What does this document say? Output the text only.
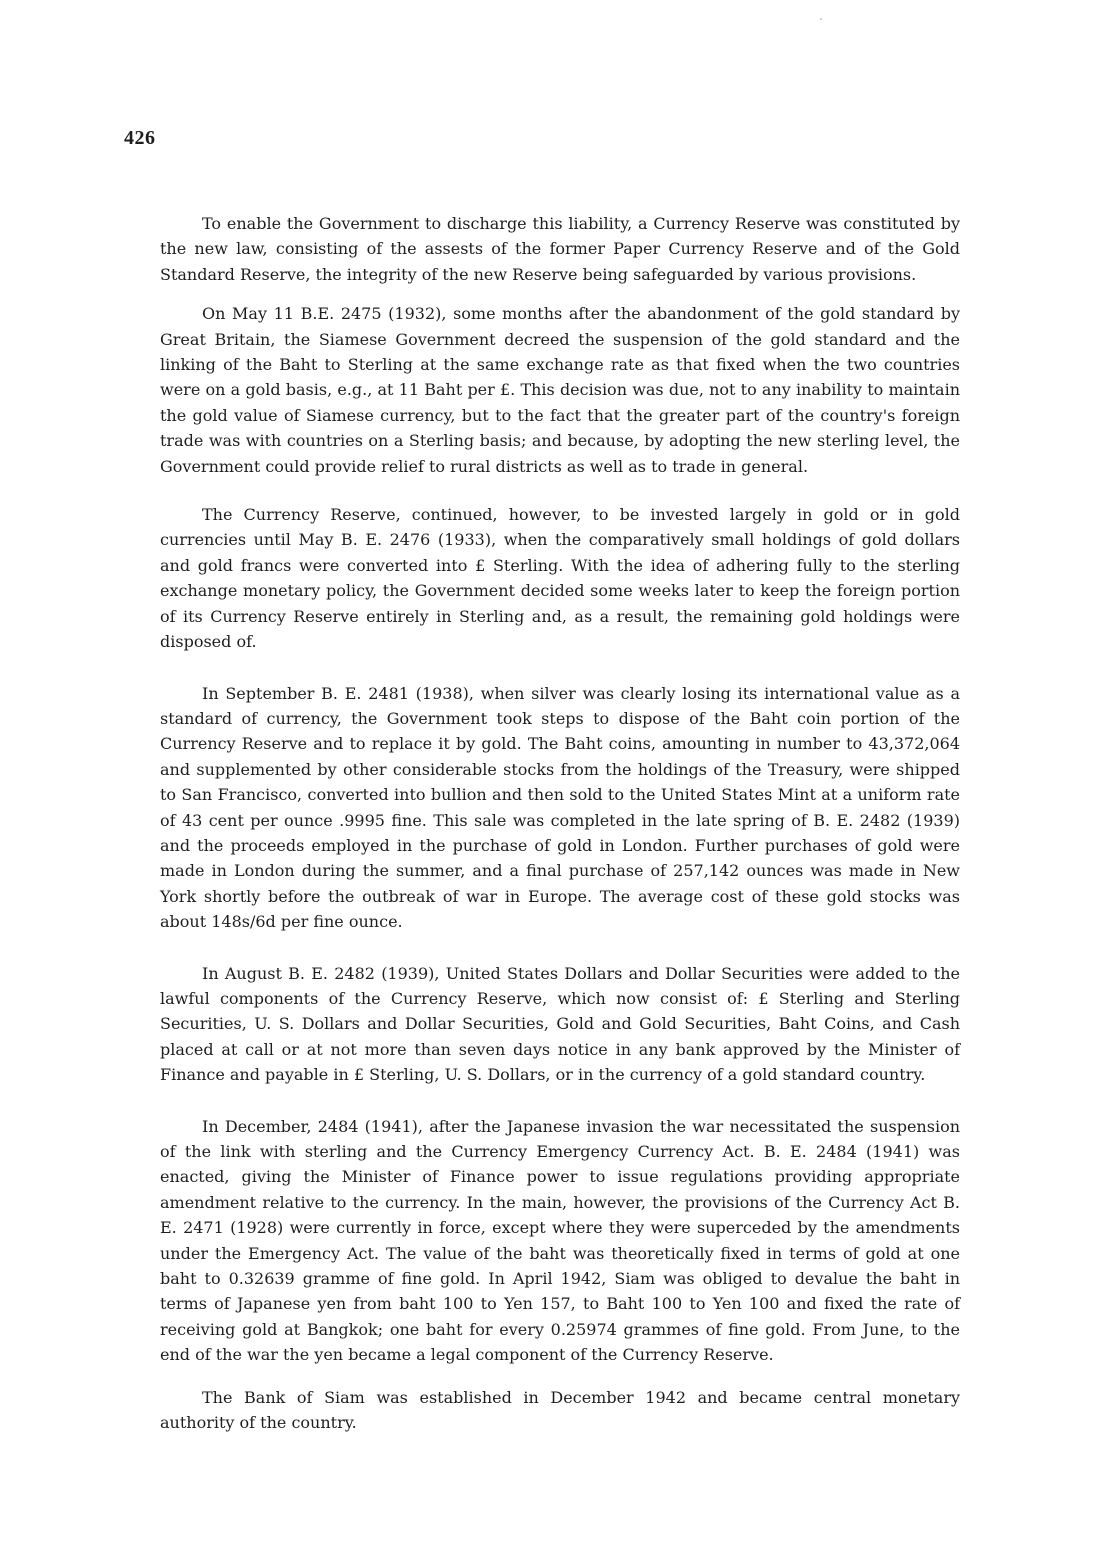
426

To enable the Government to discharge this liability, a Currency Reserve was constituted by the new law, consisting of the assests of the former Paper Currency Reserve and of the Gold Standard Reserve, the integrity of the new Reserve being safeguarded by various provisions.

On May 11 B.E. 2475 (1932), some months after the abandonment of the gold standard by Great Britain, the Siamese Government decreed the suspension of the gold standard and the linking of the Baht to Sterling at the same exchange rate as that fixed when the two countries were on a gold basis, e.g., at 11 Baht per £. This decision was due, not to any inability to maintain the gold value of Siamese currency, but to the fact that the greater part of the country's foreign trade was with countries on a Sterling basis; and because, by adopting the new sterling level, the Government could provide relief to rural districts as well as to trade in general.

The Currency Reserve, continued, however, to be invested largely in gold or in gold currencies until May B. E. 2476 (1933), when the comparatively small holdings of gold dollars and gold francs were converted into £ Sterling. With the idea of adhering fully to the sterling exchange monetary policy, the Government decided some weeks later to keep the foreign portion of its Currency Reserve entirely in Sterling and, as a result, the remaining gold holdings were disposed of.

In September B. E. 2481 (1938), when silver was clearly losing its international value as a standard of currency, the Government took steps to dispose of the Baht coin portion of the Currency Reserve and to replace it by gold. The Baht coins, amounting in number to 43,372,064 and supplemented by other considerable stocks from the holdings of the Treasury, were shipped to San Francisco, converted into bullion and then sold to the United States Mint at a uniform rate of 43 cent per ounce .9995 fine. This sale was completed in the late spring of B. E. 2482 (1939) and the proceeds employed in the purchase of gold in London. Further purchases of gold were made in London during the summer, and a final purchase of 257,142 ounces was made in New York shortly before the outbreak of war in Europe. The average cost of these gold stocks was about 148s/6d per fine ounce.

In August B. E. 2482 (1939), United States Dollars and Dollar Securities were added to the lawful components of the Currency Reserve, which now consist of: £ Sterling and Sterling Securities, U. S. Dollars and Dollar Securities, Gold and Gold Securities, Baht Coins, and Cash placed at call or at not more than seven days notice in any bank approved by the Minister of Finance and payable in £ Sterling, U. S. Dollars, or in the currency of a gold standard country.

In December, 2484 (1941), after the Japanese invasion the war necessitated the suspension of the link with sterling and the Currency Emergency Currency Act. B. E. 2484 (1941) was enacted, giving the Minister of Finance power to issue regulations providing appropriate amendment relative to the currency. In the main, however, the provisions of the Currency Act B. E. 2471 (1928) were currently in force, except where they were superceded by the amendments under the Emergency Act. The value of the baht was theoretically fixed in terms of gold at one baht to 0.32639 gramme of fine gold. In April 1942, Siam was obliged to devalue the baht in terms of Japanese yen from baht 100 to Yen 157, to Baht 100 to Yen 100 and fixed the rate of receiving gold at Bangkok; one baht for every 0.25974 grammes of fine gold. From June, to the end of the war the yen became a legal component of the Currency Reserve.

The Bank of Siam was established in December 1942 and became central monetary authority of the country.
